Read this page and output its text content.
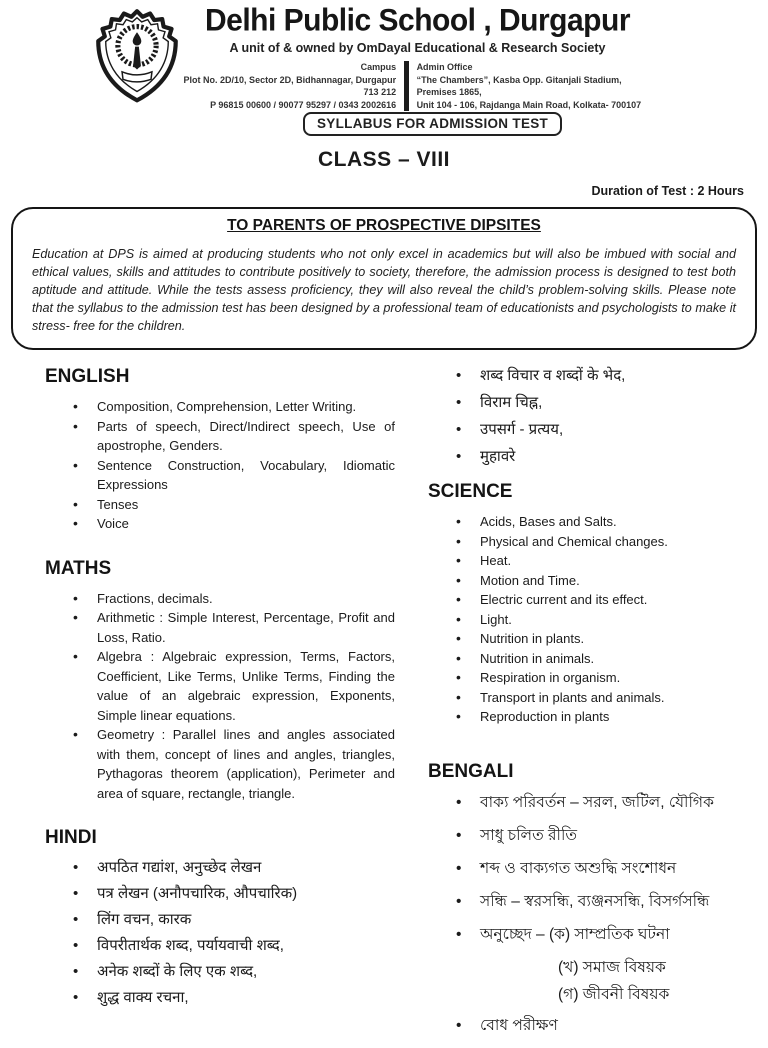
Delhi Public School , Durgapur
A unit of & owned by OmDayal Educational & Research Society
Campus
Plot No. 2D/10, Sector 2D, Bidhannagar, Durgapur 713 212
P 96815 00600 / 90077 95297 / 0343 2002616
Admin Office
“The Chambers”, Kasba Opp. Gitanjali Stadium, Premises 1865,
Unit 104 - 106, Rajdanga Main Road, Kolkata- 700107
SYLLABUS FOR ADMISSION TEST
CLASS – VIII
Duration of Test : 2 Hours
TO PARENTS OF PROSPECTIVE DIPSITES
Education at DPS is aimed at producing students who not only excel in academics but will also be imbued with social and ethical values, skills and attitudes to contribute positively to society, therefore, the admission process is designed to test both aptitude and attitude. While the tests assess proficiency, they will also reveal the child’s problem-solving skills. Please note that the syllabus to the admission test has been designed by a professional team of educationists and psychologists to make it stress- free for the children.
ENGLISH
• Composition, Comprehension, Letter Writing.
• Parts of speech, Direct/Indirect speech, Use of apostrophe, Genders.
• Sentence Construction, Vocabulary, Idiomatic Expressions
• Tenses
• Voice
MATHS
• Fractions, decimals.
• Arithmetic : Simple Interest, Percentage, Profit and Loss, Ratio.
• Algebra : Algebraic expression, Terms, Factors, Coefficient, Like Terms, Unlike Terms, Finding the value of an algebraic expression, Exponents, Simple linear equations.
• Geometry : Parallel lines and angles associated with them, concept of lines and angles, triangles, Pythagoras theorem (application), Perimeter and area of square, rectangle, triangle.
HINDI
• अपठित गद्यांश, अनुच्छेद लेखन
• पत्र लेखन (अनौपचारिक, औपचारिक)
• लिंग वचन, कारक
• विपरीतार्थक शब्द, पर्यायवाची शब्द,
• अनेक शब्दों के लिए एक शब्द,
• शुद्ध वाक्य रचना,
• शब्द विचार व शब्दों के भेद,
• विराम चिह्न,
• उपसर्ग - प्रत्यय,
• मुहावरे
SCIENCE
• Acids, Bases and Salts.
• Physical and Chemical changes.
• Heat.
• Motion and Time.
• Electric current and its effect.
• Light.
• Nutrition in plants.
• Nutrition in animals.
• Respiration in organism.
• Transport in plants and animals.
• Reproduction in plants
BENGALI
• বাক্য পরিবর্তন – সরল, জটিল, যৌগিক
• সাধু চলিত রীতি
• শব্দ ও বাক্যগত অশুদ্ধি সংশোধন
• সন্ধি – স্বরসন্ধি, ব্যঞ্জনসন্ধি, বিসর্গসন্ধি
• অনুচ্ছেদ – (ক) সাম্প্রতিক ঘটনা
(খ) সমাজ বিষয়ক
(গ) জীবনী বিষয়ক
• বোধ পরীক্ষণ
